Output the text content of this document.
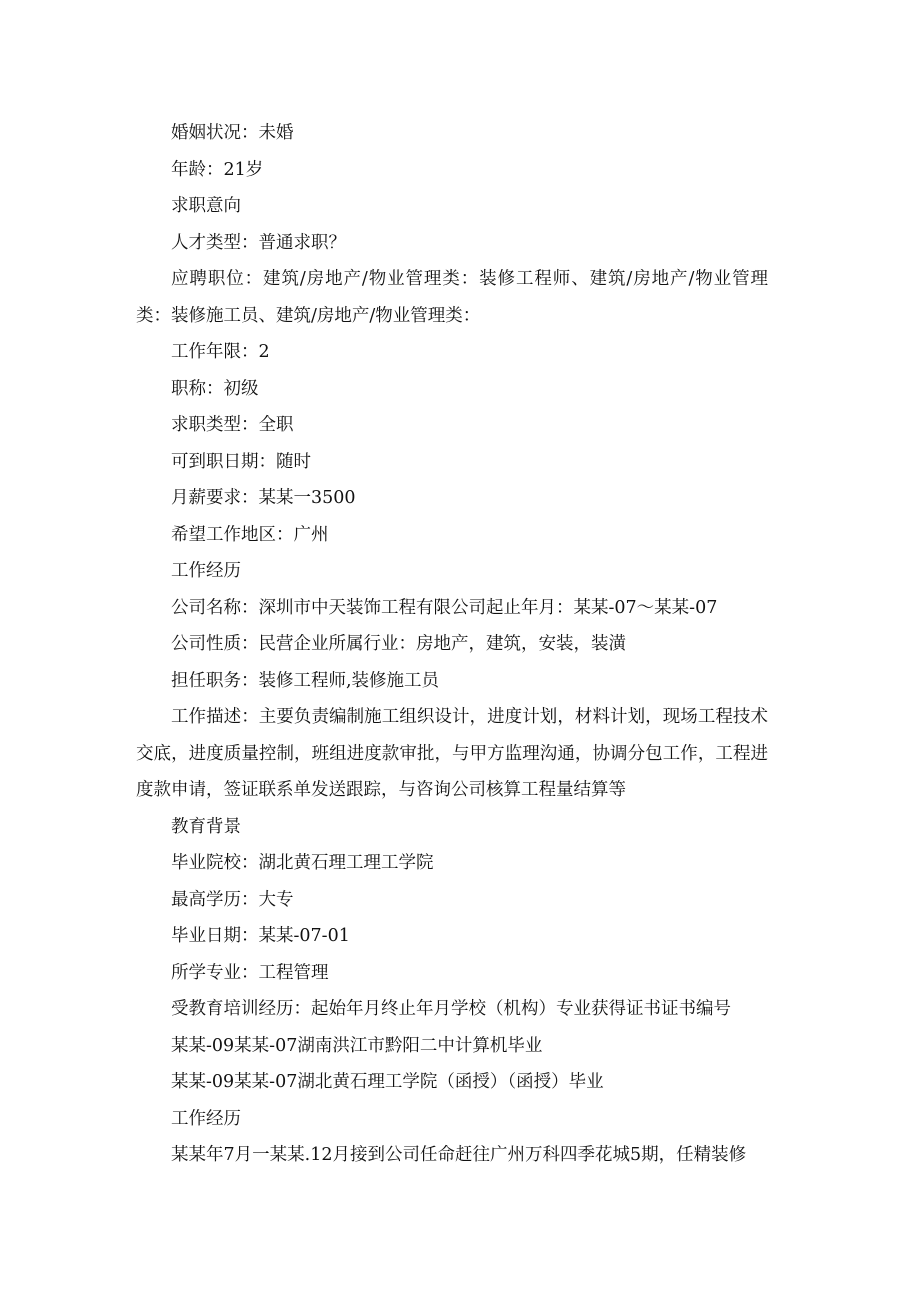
婚姻状况：未婚

年龄：21岁

求职意向

人才类型：普通求职？

应聘职位：建筑/房地产/物业管理类：装修工程师、建筑/房地产/物业管理类：装修施工员、建筑/房地产/物业管理类：

工作年限：2

职称：初级

求职类型：全职

可到职日期：随时

月薪要求：某某一3500

希望工作地区：广州

工作经历

公司名称：深圳市中天装饰工程有限公司起止年月：某某-07～某某-07

公司性质：民营企业所属行业：房地产，建筑，安装，装潢

担任职务：装修工程师,装修施工员

工作描述：主要负责编制施工组织设计，进度计划，材料计划，现场工程技术交底，进度质量控制，班组进度款审批，与甲方监理沟通，协调分包工作，工程进度款申请，签证联系单发送跟踪，与咨询公司核算工程量结算等

教育背景

毕业院校：湖北黄石理工理工学院

最高学历：大专

毕业日期：某某-07-01

所学专业：工程管理

受教育培训经历：起始年月终止年月学校（机构）专业获得证书证书编号

某某-09某某-07湖南洪江市黔阳二中计算机毕业

某某-09某某-07湖北黄石理工学院（函授）（函授）毕业

工作经历

某某年7月一某某.12月接到公司任命赶往广州万科四季花城5期，任精装修
